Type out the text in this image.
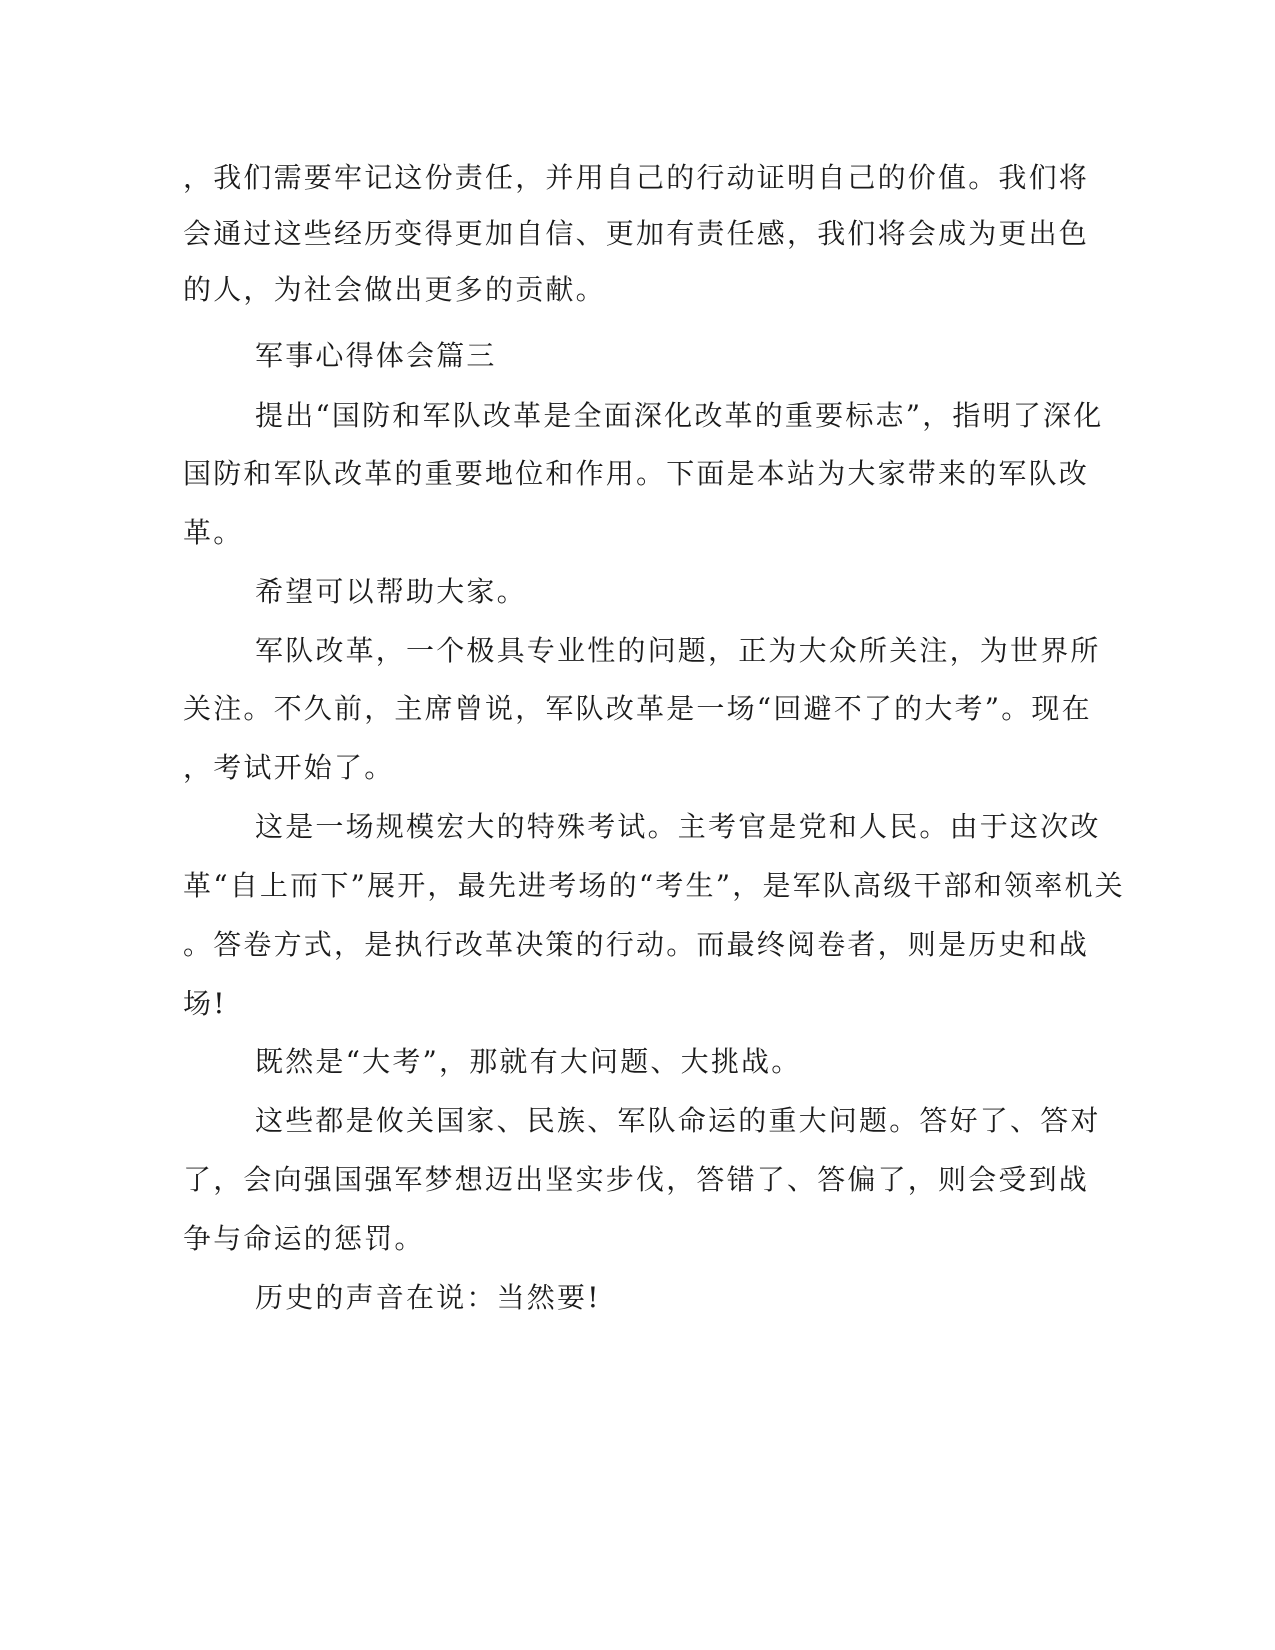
，我们需要牢记这份责任，并用自己的行动证明自己的价值。我们将
会通过这些经历变得更加自信、更加有责任感，我们将会成为更出色
的人，为社会做出更多的贡献。
军事心得体会篇三
提出“国防和军队改革是全面深化改革的重要标志”，指明了深化
国防和军队改革的重要地位和作用。下面是本站为大家带来的军队改
革。
希望可以帮助大家。
军队改革，一个极具专业性的问题，正为大众所关注，为世界所
关注。不久前，主席曾说，军队改革是一场“回避不了的大考”。现在
，考试开始了。
这是一场规模宏大的特殊考试。主考官是党和人民。由于这次改
革“自上而下”展开，最先进考场的“考生”，是军队高级干部和领率机关
。答卷方式，是执行改革决策的行动。而最终阅卷者，则是历史和战
场!
既然是“大考”，那就有大问题、大挑战。
这些都是攸关国家、民族、军队命运的重大问题。答好了、答对
了，会向强国强军梦想迈出坚实步伐，答错了、答偏了，则会受到战
争与命运的惩罚。
历史的声音在说：当然要!
